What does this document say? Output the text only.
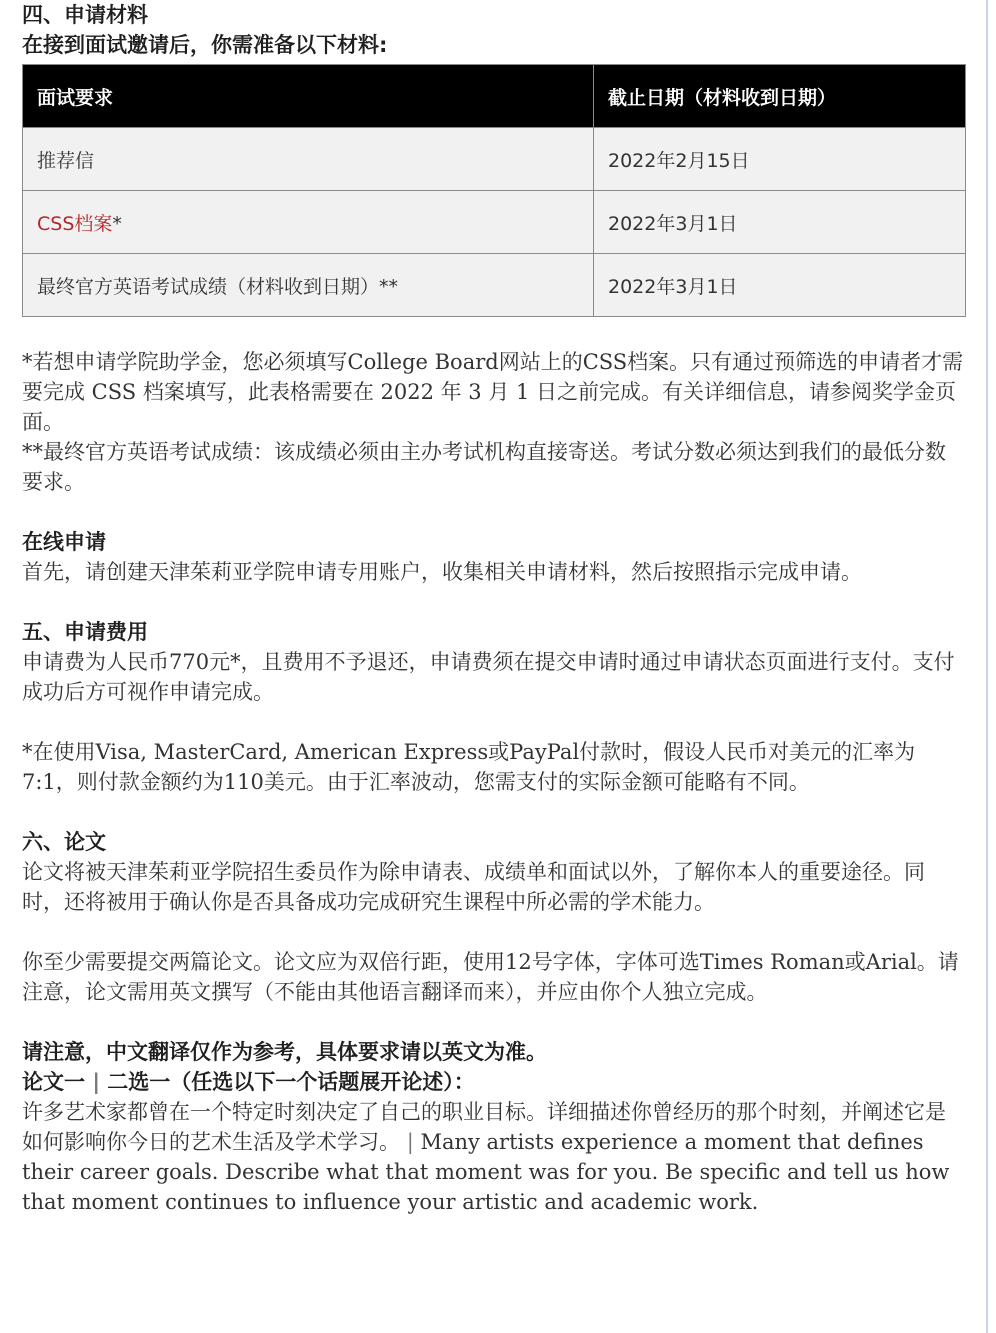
四、申请材料

在接到面试邀请后，你需准备以下材料:

面试要求	截止日期（材料收到日期）
推荐信	2022年2月15日
CSS档案*	2022年3月1日
最终官方英语考试成绩（材料收到日期）**	2022年3月1日

*若想申请学院助学金，您必须填写College Board网站上的CSS档案。只有通过预筛选的申请者才需要完成 CSS 档案填写，此表格需要在 2022 年 3 月 1 日之前完成。有关详细信息，请参阅奖学金页面。

**最终官方英语考试成绩：该成绩必须由主办考试机构直接寄送。考试分数必须达到我们的最低分数要求。

在线申请

首先，请创建天津茱莉亚学院申请专用账户，收集相关申请材料，然后按照指示完成申请。

五、申请费用

申请费为人民币770元*，且费用不予退还，申请费须在提交申请时通过申请状态页面进行支付。支付成功后方可视作申请完成。

*在使用Visa, MasterCard, American Express或PayPal付款时，假设人民币对美元的汇率为7:1，则付款金额约为110美元。由于汇率波动，您需支付的实际金额可能略有不同。

六、论文

论文将被天津茱莉亚学院招生委员作为除申请表、成绩单和面试以外，了解你本人的重要途径。同时，还将被用于确认你是否具备成功完成研究生课程中所必需的学术能力。

你至少需要提交两篇论文。论文应为双倍行距，使用12号字体，字体可选Times Roman或Arial。请注意，论文需用英文撰写（不能由其他语言翻译而来），并应由你个人独立完成。

请注意，中文翻译仅作为参考，具体要求请以英文为准。

论文一 | 二选一（任选以下一个话题展开论述）：

许多艺术家都曾在一个特定时刻决定了自己的职业目标。详细描述你曾经历的那个时刻，并阐述它是如何影响你今日的艺术生活及学术学习。 | Many artists experience a moment that defines their career goals. Describe what that moment was for you. Be specific and tell us how that moment continues to influence your artistic and academic work.
